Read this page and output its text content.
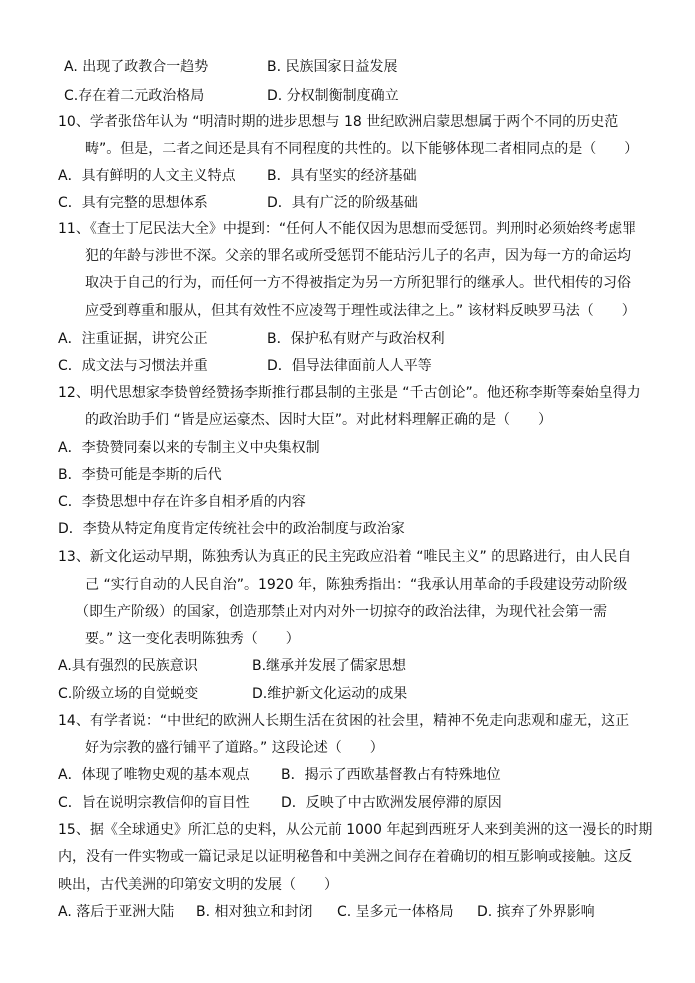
A. 出现了政教合一趋势	B. 民族国家日益发展
C.存在着二元政治格局	D. 分权制衡制度确立
10、学者张岱年认为 “明清时期的进步思想与 18 世纪欧洲启蒙思想属于两个不同的历史范
畴”。但是，二者之间还是具有不同程度的共性的。以下能够体现二者相同点的是（　　）
A．具有鲜明的人文主义特点 B．具有坚实的经济基础
C．具有完整的思想体系	D．具有广泛的阶级基础
11、《查士丁尼民法大全》中提到：“任何人不能仅因为思想而受惩罚。判刑时必须始终考虑罪
犯的年龄与涉世不深。父亲的罪名或所受惩罚不能玷污儿子的名声，因为每一方的命运均
取决于自己的行为，而任何一方不得被指定为另一方所犯罪行的继承人。世代相传的习俗
应受到尊重和服从，但其有效性不应凌驾于理性或法律之上。” 该材料反映罗马法（　　）
A．注重证据，讲究公正	B．保护私有财产与政治权利
C．成文法与习惯法并重	D．倡导法律面前人人平等
12、明代思想家李贽曾经赞扬李斯推行郡县制的主张是 “千古创论”。他还称李斯等秦始皇得力
的政治助手们 “皆是应运豪杰、因时大臣”。对此材料理解正确的是（　　）
A．李贽赞同秦以来的专制主义中央集权制
B．李贽可能是李斯的后代
C．李贽思想中存在许多自相矛盾的内容
D．李贽从特定角度肯定传统社会中的政治制度与政治家
13、新文化运动早期，陈独秀认为真正的民主宪政应沿着 “唯民主义” 的思路进行，由人民自
己 “实行自动的人民自治”。1920 年，陈独秀指出：“我承认用革命的手段建设劳动阶级
（即生产阶级）的国家，创造那禁止对内对外一切掠夺的政治法律，为现代社会第一需
要。” 这一变化表明陈独秀（　　）
A.具有强烈的民族意识	B.继承并发展了儒家思想
C.阶级立场的自觉蜕变	D.维护新文化运动的成果
14、有学者说：“中世纪的欧洲人长期生活在贫困的社会里，精神不免走向悲观和虚无，这正
好为宗教的盛行铺平了道路。” 这段论述（　　）
A．体现了唯物史观的基本观点 B．揭示了西欧基督教占有特殊地位
C．旨在说明宗教信仰的盲目性 D．反映了中古欧洲发展停滞的原因
15、据《全球通史》所汇总的史料，从公元前 1000 年起到西班牙人来到美洲的这一漫长的时期
内，没有一件实物或一篇记录足以证明秘鲁和中美洲之间存在着确切的相互影响或接触。这反
映出，古代美洲的印第安文明的发展（　　）
A. 落后于亚洲大陆 B. 相对独立和封闭 C. 呈多元一体格局 D. 摈弃了外界影响
